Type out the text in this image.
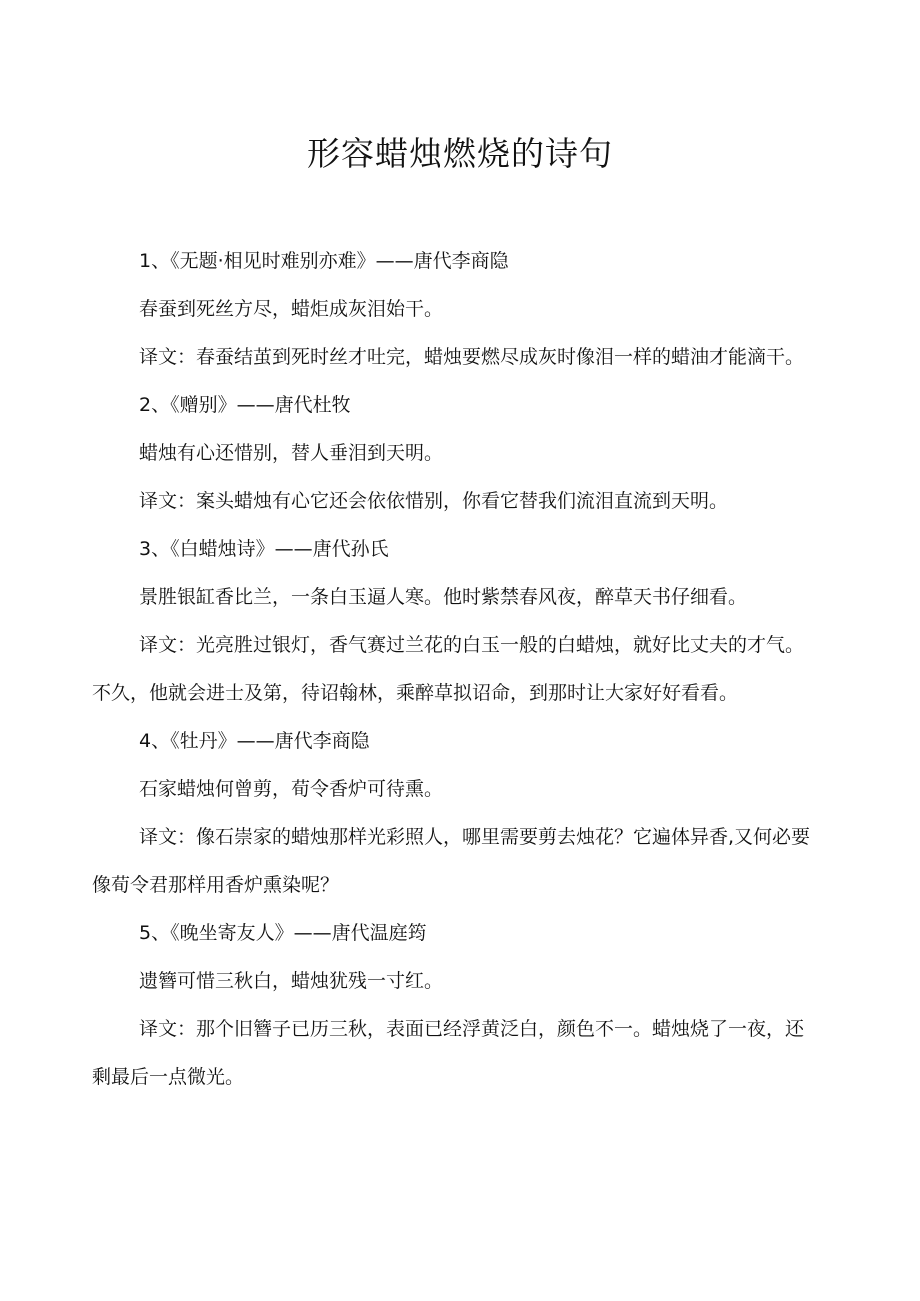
形容蜡烛燃烧的诗句

1、《无题·相见时难别亦难》——唐代李商隐

春蚕到死丝方尽，蜡炬成灰泪始干。

译文：春蚕结茧到死时丝才吐完，蜡烛要燃尽成灰时像泪一样的蜡油才能滴干。

2、《赠别》——唐代杜牧

蜡烛有心还惜别，替人垂泪到天明。

译文：案头蜡烛有心它还会依依惜别，你看它替我们流泪直流到天明。

3、《白蜡烛诗》——唐代孙氏

景胜银缸香比兰，一条白玉逼人寒。他时紫禁春风夜，醉草天书仔细看。

译文：光亮胜过银灯，香气赛过兰花的白玉一般的白蜡烛，就好比丈夫的才气。不久，他就会进士及第，待诏翰林，乘醉草拟诏命，到那时让大家好好看看。

4、《牡丹》——唐代李商隐

石家蜡烛何曾剪，荀令香炉可待熏。

译文：像石崇家的蜡烛那样光彩照人，哪里需要剪去烛花？它遍体异香,又何必要像荀令君那样用香炉熏染呢？

5、《晚坐寄友人》——唐代温庭筠

遗簪可惜三秋白，蜡烛犹残一寸红。

译文：那个旧簪子已历三秋，表面已经浮黄泛白，颜色不一。蜡烛烧了一夜，还剩最后一点微光。
